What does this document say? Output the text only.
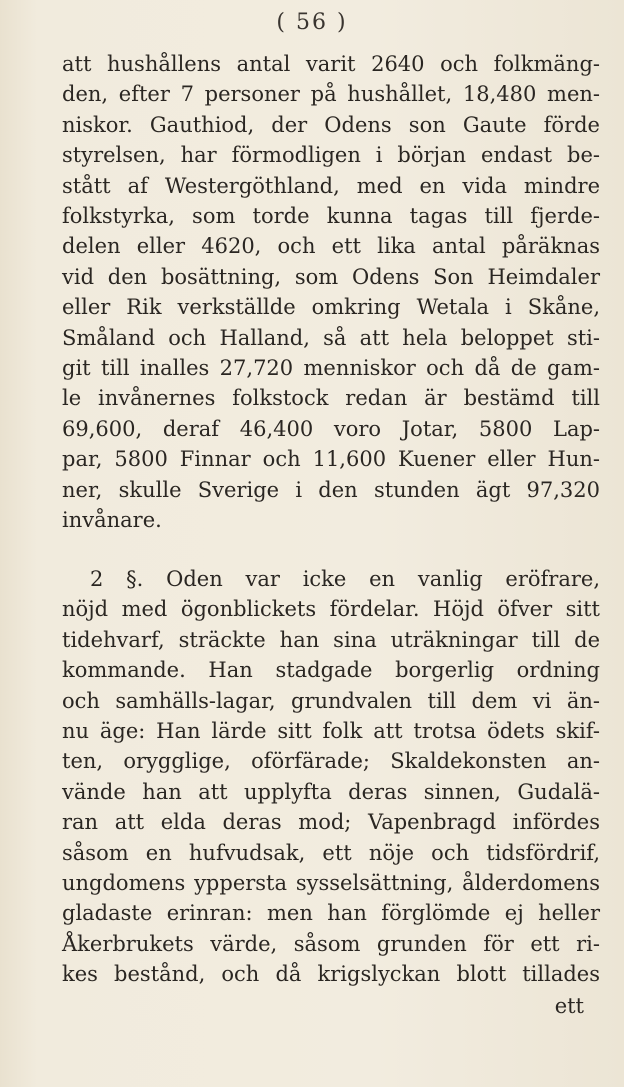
( 56 )
att hushållens antal varit 2640 och folkmäng-
den, efter 7 personer på hushållet, 18,480 men-
niskor. Gauthiod, der Odens son Gaute förde
styrelsen, har förmodligen i början endast be-
stått af Westergöthland, med en vida mindre
folkstyrka, som torde kunna tagas till fjerde-
delen eller 4620, och ett lika antal påräknas
vid den bosättning, som Odens Son Heimdaler
eller Rik verkställde omkring Wetala i Skåne,
Småland och Halland, så att hela beloppet sti-
git till inalles 27,720 menniskor och då de gam-
le invånernes folkstock redan är bestämd till
69,600, deraf 46,400 voro Jotar, 5800 Lap-
par, 5800 Finnar och 11,600 Kuener eller Hun-
ner, skulle Sverige i den stunden ägt 97,320
invånare.
2 §. Oden var icke en vanlig eröfrare,
nöjd med ögonblickets fördelar. Höjd öfver sitt
tidehvarf, sträckte han sina uträkningar till de
kommande. Han stadgade borgerlig ordning
och samhälls-lagar, grundvalen till dem vi än-
nu äge: Han lärde sitt folk att trotsa ödets skif-
ten, orygglige, oförfärade; Skaldekonsten an-
vände han att upplyfta deras sinnen, Gudalä-
ran att elda deras mod; Vapenbragd infördes
såsom en hufvudsak, ett nöje och tidsfördrif,
ungdomens yppersta sysselsättning, ålderdomens
gladaste erinran: men han förglömde ej heller
Åkerbrukets värde, såsom grunden för ett ri-
kes bestånd, och då krigslyckan blott tillades
ett
